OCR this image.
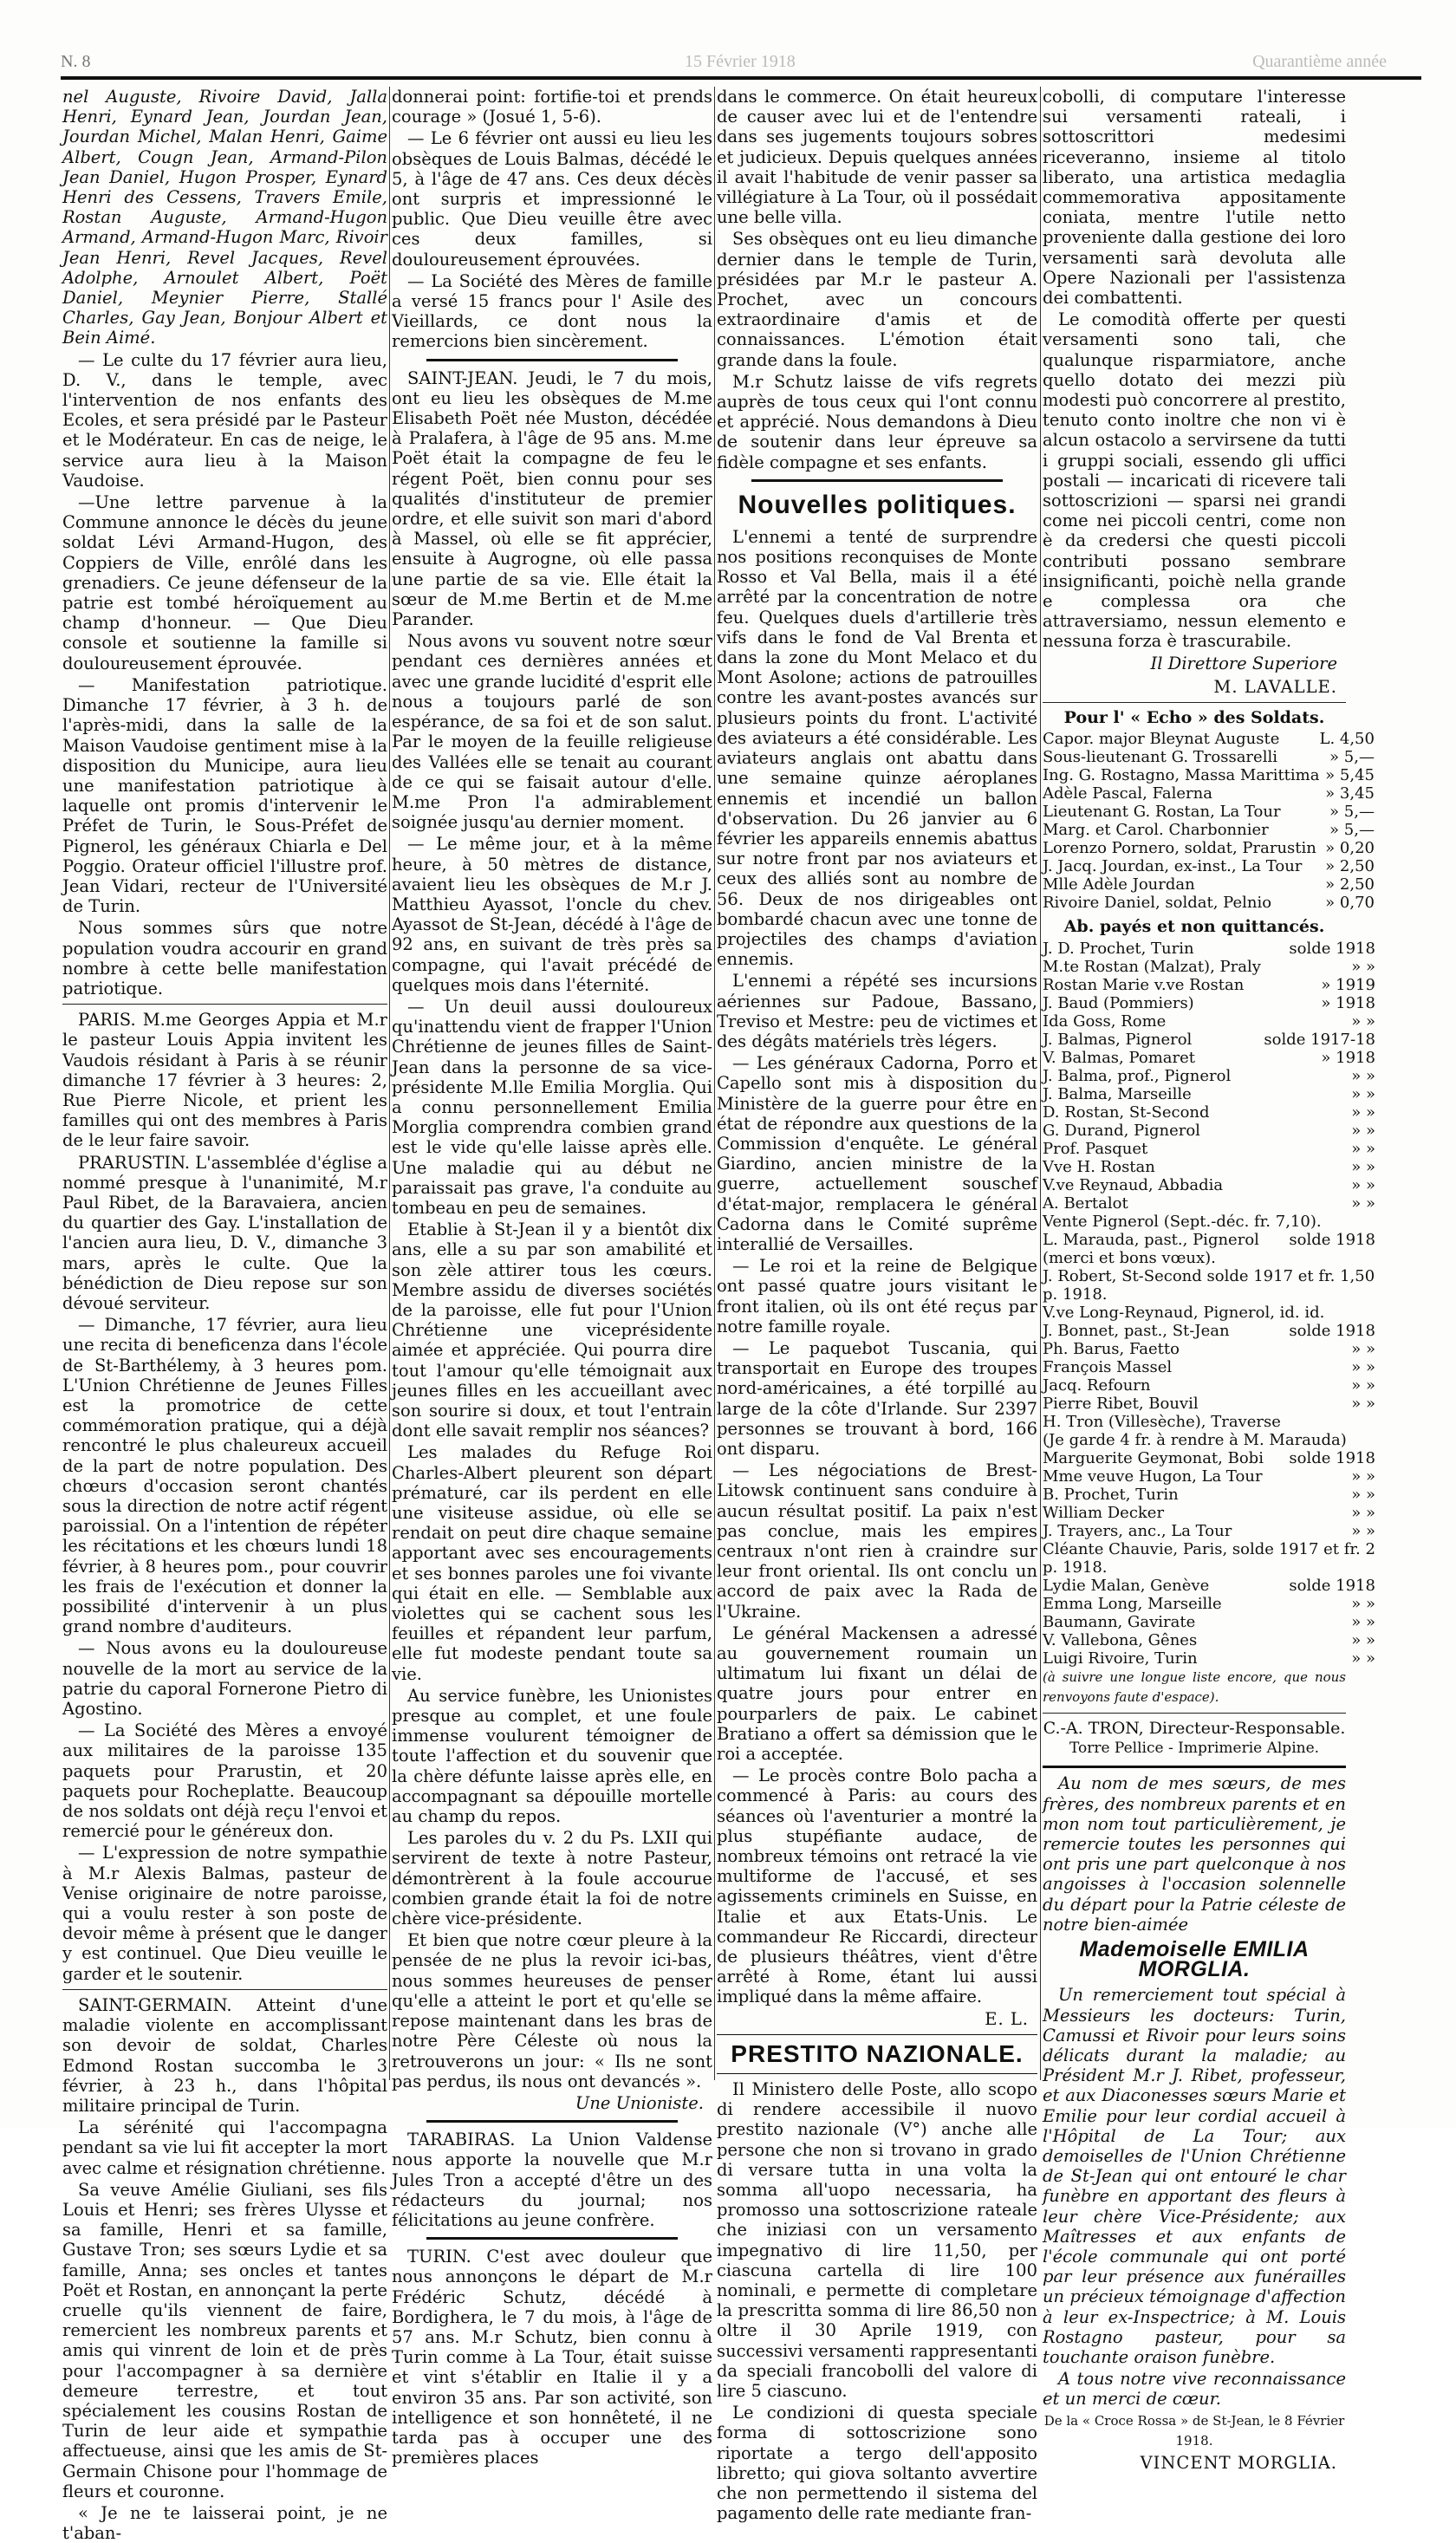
N. 8	15 Février 1918	Quarantième année

nel Auguste, Rivoire David, Jalla Henri, Eynard Jean, Jourdan Jean, Jourdan Michel, Malan Henri, Gaime Albert, Cougn Jean, Armand-Pilon Jean Daniel, Hugon Prosper, Eynard Henri des Cessens, Travers Emile, Rostan Auguste, Armand-Hugon Armand, Armand-Hugon Marc, Rivoir Jean Henri, Revel Jacques, Revel Adolphe, Arnoulet Albert, Poët Daniel, Meynier Pierre, Stallé Charles, Gay Jean, Bonjour Albert et Bein Aimé.

— Le culte du 17 février aura lieu, D. V., dans le temple, avec l'intervention de nos enfants des Ecoles, et sera présidé par le Pasteur et le Modérateur. En cas de neige, le service aura lieu à la Maison Vaudoise.

—Une lettre parvenue à la Commune annonce le décès du jeune soldat Lévi Armand-Hugon, des Coppiers de Ville, enrôlé dans les grenadiers. Ce jeune défenseur de la patrie est tombé héroïquement au champ d'honneur. — Que Dieu console et soutienne la famille si douloureusement éprouvée.

— Manifestation patriotique. Dimanche 17 février, à 3 h. de l'après-midi, dans la salle de la Maison Vaudoise gentiment mise à la disposition du Municipe, aura lieu une manifestation patriotique à laquelle ont promis d'intervenir le Préfet de Turin, le Sous-Préfet de Pignerol, les généraux Chiarla e Del Poggio. Orateur officiel l'illustre prof. Jean Vidari, recteur de l'Université de Turin.

Nous sommes sûrs que notre population voudra accourir en grand nombre à cette belle manifestation patriotique.

PARIS. M.me Georges Appia et M.r le pasteur Louis Appia invitent les Vaudois résidant à Paris à se réunir dimanche 17 février à 3 heures: 2, Rue Pierre Nicole, et prient les familles qui ont des membres à Paris de le leur faire savoir.

PRARUSTIN. L'assemblée d'église a nommé presque à l'unanimité, M.r Paul Ribet, de la Baravaiera, ancien du quartier des Gay. L'installation de l'ancien aura lieu, D. V., dimanche 3 mars, après le culte. Que la bénédiction de Dieu repose sur son dévoué serviteur.

— Dimanche, 17 février, aura lieu une recita di beneficenza dans l'école de St-Barthélemy, à 3 heures pom. L'Union Chrétienne de Jeunes Filles est la promotrice de cette commémoration pratique, qui a déjà rencontré le plus chaleureux accueil de la part de notre population. Des chœurs d'occasion seront chantés sous la direction de notre actif régent paroissial. On a l'intention de répéter les récitations et les chœurs lundi 18 février, à 8 heures pom., pour couvrir les frais de l'exécution et donner la possibilité d'intervenir à un plus grand nombre d'auditeurs.

— Nous avons eu la douloureuse nouvelle de la mort au service de la patrie du caporal Fornerone Pietro di Agostino.

— La Société des Mères a envoyé aux militaires de la paroisse 135 paquets pour Prarustin, et 20 paquets pour Rocheplatte. Beaucoup de nos soldats ont déjà reçu l'envoi et remercié pour le généreux don.

— L'expression de notre sympathie à M.r Alexis Balmas, pasteur de Venise originaire de notre paroisse, qui a voulu rester à son poste de devoir même à présent que le danger y est continuel. Que Dieu veuille le garder et le soutenir.

SAINT-GERMAIN. Atteint d'une maladie violente en accomplissant son devoir de soldat, Charles Edmond Rostan succomba le 3 février, à 23 h., dans l'hôpital militaire principal de Turin.

La sérénité qui l'accompagna pendant sa vie lui fit accepter la mort avec calme et résignation chrétienne.

Sa veuve Amélie Giuliani, ses fils Louis et Henri; ses frères Ulysse et sa famille, Henri et sa famille, Gustave Tron; ses sœurs Lydie et sa famille, Anna; ses oncles et tantes Poët et Rostan, en annonçant la perte cruelle qu'ils viennent de faire, remercient les nombreux parents et amis qui vinrent de loin et de près pour l'accompagner à sa dernière demeure terrestre, et tout spécialement les cousins Rostan de Turin de leur aide et sympathie affectueuse, ainsi que les amis de St-Germain Chisone pour l'hommage de fleurs et couronne.

« Je ne te laisserai point, je ne t'aban-

donnerai point: fortifie-toi et prends courage » (Josué 1, 5-6).

— Le 6 février ont aussi eu lieu les obsèques de Louis Balmas, décédé le 5, à l'âge de 47 ans. Ces deux décès ont surpris et impressionné le public. Que Dieu veuille être avec ces deux familles, si douloureusement éprouvées.

— La Société des Mères de famille a versé 15 francs pour l' Asile des Vieillards, ce dont nous la remercions bien sincèrement.

SAINT-JEAN. Jeudi, le 7 du mois, ont eu lieu les obsèques de M.me Elisabeth Poët née Muston, décédée à Pralafera, à l'âge de 95 ans. M.me Poët était la compagne de feu le régent Poët, bien connu pour ses qualités d'instituteur de premier ordre, et elle suivit son mari d'abord à Massel, où elle se fit apprécier, ensuite à Augrogne, où elle passa une partie de sa vie. Elle était la sœur de M.me Bertin et de M.me Parander.

Nous avons vu souvent notre sœur pendant ces dernières années et avec une grande lucidité d'esprit elle nous a toujours parlé de son espérance, de sa foi et de son salut. Par le moyen de la feuille religieuse des Vallées elle se tenait au courant de ce qui se faisait autour d'elle. M.me Pron l'a admirablement soignée jusqu'au dernier moment.

— Le même jour, et à la même heure, à 50 mètres de distance, avaient lieu les obsèques de M.r J. Matthieu Ayassot, l'oncle du chev. Ayassot de St-Jean, décédé à l'âge de 92 ans, en suivant de très près sa compagne, qui l'avait précédé de quelques mois dans l'éternité.

— Un deuil aussi douloureux qu'inattendu vient de frapper l'Union Chrétienne de jeunes filles de Saint-Jean dans la personne de sa vice-présidente M.lle Emilia Morglia. Qui a connu personnellement Emilia Morglia comprendra combien grand est le vide qu'elle laisse après elle. Une maladie qui au début ne paraissait pas grave, l'a conduite au tombeau en peu de semaines.

Etablie à St-Jean il y a bientôt dix ans, elle a su par son amabilité et son zèle attirer tous les cœurs. Membre assidu de diverses sociétés de la paroisse, elle fut pour l'Union Chrétienne une viceprésidente aimée et appréciée. Qui pourra dire tout l'amour qu'elle témoignait aux jeunes filles en les accueillant avec son sourire si doux, et tout l'entrain dont elle savait remplir nos séances?

Les malades du Refuge Roi Charles-Albert pleurent son départ prématuré, car ils perdent en elle une visiteuse assidue, où elle se rendait on peut dire chaque semaine apportant avec ses encouragements et ses bonnes paroles une foi vivante qui était en elle. — Semblable aux violettes qui se cachent sous les feuilles et répandent leur parfum, elle fut modeste pendant toute sa vie.

Au service funèbre, les Unionistes presque au complet, et une foule immense voulurent témoigner de toute l'affection et du souvenir que la chère défunte laisse après elle, en accompagnant sa dépouille mortelle au champ du repos.

Les paroles du v. 2 du Ps. LXII qui servirent de texte à notre Pasteur, démontrèrent à la foule accourue combien grande était la foi de notre chère vice-présidente.

Et bien que notre cœur pleure à la pensée de ne plus la revoir ici-bas, nous sommes heureuses de penser qu'elle a atteint le port et qu'elle se repose maintenant dans les bras de notre Père Céleste où nous la retrouverons un jour: « Ils ne sont pas perdus, ils nous ont devancés ».

Une Unioniste.

TARABIRAS. La Union Valdense nous apporte la nouvelle que M.r Jules Tron a accepté d'être un des rédacteurs du journal; nos félicitations au jeune confrère.

TURIN. C'est avec douleur que nous annonçons le départ de M.r Frédéric Schutz, décédé à Bordighera, le 7 du mois, à l'âge de 57 ans. M.r Schutz, bien connu à Turin comme à La Tour, était suisse et vint s'établir en Italie il y a environ 35 ans. Par son activité, son intelligence et son honnêteté, il ne tarda pas à occuper une des premières places

dans le commerce. On était heureux de causer avec lui et de l'entendre dans ses jugements toujours sobres et judicieux. Depuis quelques années il avait l'habitude de venir passer sa villégiature à La Tour, où il possédait une belle villa.

Ses obsèques ont eu lieu dimanche dernier dans le temple de Turin, présidées par M.r le pasteur A. Prochet, avec un concours extraordinaire d'amis et de connaissances. L'émotion était grande dans la foule.

M.r Schutz laisse de vifs regrets auprès de tous ceux qui l'ont connu et apprécié. Nous demandons à Dieu de soutenir dans leur épreuve sa fidèle compagne et ses enfants.

Nouvelles politiques.

L'ennemi a tenté de surprendre nos positions reconquises de Monte Rosso et Val Bella, mais il a été arrêté par la concentration de notre feu. Quelques duels d'artillerie très vifs dans le fond de Val Brenta et dans la zone du Mont Melaco et du Mont Asolone; actions de patrouilles contre les avant-postes avancés sur plusieurs points du front. L'activité des aviateurs a été considérable. Les aviateurs anglais ont abattu dans une semaine quinze aéroplanes ennemis et incendié un ballon d'observation. Du 26 janvier au 6 février les appareils ennemis abattus sur notre front par nos aviateurs et ceux des alliés sont au nombre de 56. Deux de nos dirigeables ont bombardé chacun avec une tonne de projectiles des champs d'aviation ennemis.

L'ennemi a répété ses incursions aériennes sur Padoue, Bassano, Treviso et Mestre: peu de victimes et des dégâts matériels très légers.

— Les généraux Cadorna, Porro et Capello sont mis à disposition du Ministère de la guerre pour être en état de répondre aux questions de la Commission d'enquête. Le général Giardino, ancien ministre de la guerre, actuellement souschef d'état-major, remplacera le général Cadorna dans le Comité suprême interallié de Versailles.

— Le roi et la reine de Belgique ont passé quatre jours visitant le front italien, où ils ont été reçus par notre famille royale.

— Le paquebot Tuscania, qui transportait en Europe des troupes nord-américaines, a été torpillé au large de la côte d'Irlande. Sur 2397 personnes se trouvant à bord, 166 ont disparu.

— Les négociations de Brest-Litowsk continuent sans conduire à aucun résultat positif. La paix n'est pas conclue, mais les empires centraux n'ont rien à craindre sur leur front oriental. Ils ont conclu un accord de paix avec la Rada de l'Ukraine.

Le général Mackensen a adressé au gouvernement roumain un ultimatum lui fixant un délai de quatre jours pour entrer en pourparlers de paix. Le cabinet Bratiano a offert sa démission que le roi a acceptée.

— Le procès contre Bolo pacha a commencé à Paris: au cours des séances où l'aventurier a montré la plus stupéfiante audace, de nombreux témoins ont retracé la vie multiforme de l'accusé, et ses agissements criminels en Suisse, en Italie et aux Etats-Unis. Le commandeur Re Riccardi, directeur de plusieurs théâtres, vient d'être arrêté à Rome, étant lui aussi impliqué dans la même affaire.

E. L.
PRESTITO NAZIONALE.

Il Ministero delle Poste, allo scopo di rendere accessibile il nuovo prestito nazionale (V°) anche alle persone che non si trovano in grado di versare tutta in una volta la somma all'uopo necessaria, ha promosso una sottoscrizione rateale che iniziasi con un versamento impegnativo di lire 11,50, per ciascuna cartella di lire 100 nominali, e permette di completare la prescritta somma di lire 86,50 non oltre il 30 Aprile 1919, con successivi versamenti rappresentanti da speciali francobolli del valore di lire 5 ciascuno.

Le condizioni di questa speciale forma di sottoscrizione sono riportate a tergo dell'apposito libretto; qui giova soltanto avvertire che non permettendo il sistema del pagamento delle rate mediante fran-

cobolli, di computare l'interesse sui versamenti rateali, i sottoscrittori medesimi riceveranno, insieme al titolo liberato, una artistica medaglia commemorativa appositamente coniata, mentre l'utile netto proveniente dalla gestione dei loro versamenti sarà devoluta alle Opere Nazionali per l'assistenza dei combattenti.

Le comodità offerte per questi versamenti sono tali, che qualunque risparmiatore, anche quello dotato dei mezzi più modesti può concorrere al prestito, tenuto conto inoltre che non vi è alcun ostacolo a servirsene da tutti i gruppi sociali, essendo gli uffici postali — incaricati di ricevere tali sottoscrizioni — sparsi nei grandi come nei piccoli centri, come non è da credersi che questi piccoli contributi possano sembrare insignificanti, poichè nella grande e complessa ora che attraversiamo, nessun elemento e nessuna forza è trascurabile.

Il Direttore Superiore
M. LAVALLE.
Pour l' « Echo » des Soldats.
Capor. major Bleynat Auguste	L. 4,50
Sous-lieutenant G. Trossarelli	» 5,—
Ing. G. Rostagno, Massa Marittima	» 5,45
Adèle Pascal, Falerna	» 3,45
Lieutenant G. Rostan, La Tour	» 5,—
Marg. et Carol. Charbonnier	» 5,—
Lorenzo Pornero, soldat, Prarustin	» 0,20
J. Jacq. Jourdan, ex-inst., La Tour	» 2,50
Mlle Adèle Jourdan	» 2,50
Rivoire Daniel, soldat, Pelnio	» 0,70
Ab. payés et non quittancés.
J. D. Prochet, Turin	solde 1918
M.te Rostan (Malzat), Praly	» »
Rostan Marie v.ve Rostan	» 1919
J. Baud (Pommiers)	» 1918
Ida Goss, Rome	» »
J. Balmas, Pignerol	solde 1917-18
V. Balmas, Pomaret	» 1918
J. Balma, prof., Pignerol	» »
J. Balma, Marseille	» »
D. Rostan, St-Second	» »
G. Durand, Pignerol	» »
Prof. Pasquet	» »
Vve H. Rostan	» »
V.ve Reynaud, Abbadia	» »
A. Bertalot	» »
Vente Pignerol (Sept.-déc. fr. 7,10).	
L. Marauda, past., Pignerol	solde 1918
(merci et bons vœux).	
J. Robert, St-Second solde 1917 et fr. 1,50	
p. 1918.	
V.ve Long-Reynaud, Pignerol, id. id.	
J. Bonnet, past., St-Jean	solde 1918
Ph. Barus, Faetto	» »
François Massel	» »
Jacq. Refourn	» »
Pierre Ribet, Bouvil	» »
H. Tron (Villesèche), Traverse	
(Je garde 4 fr. à rendre à M. Marauda)	
Marguerite Geymonat, Bobi	solde 1918
Mme veuve Hugon, La Tour	» »
B. Prochet, Turin	» »
William Decker	» »
J. Trayers, anc., La Tour	» »
Cléante Chauvie, Paris, solde 1917 et fr. 2	
p. 1918.	
Lydie Malan, Genève	solde 1918
Emma Long, Marseille	» »
Baumann, Gavirate	» »
V. Vallebona, Gênes	» »
Luigi Rivoire, Turin	» »

(à suivre une longue liste encore, que nous renvoyons faute d'espace).

C.-A. TRON, Directeur-Responsable.
Torre Pellice - Imprimerie Alpine.

Au nom de mes sœurs, de mes frères, des nombreux parents et en mon nom tout particulièrement, je remercie toutes les personnes qui ont pris une part quelconque à nos angoisses à l'occasion solennelle du départ pour la Patrie céleste de notre bien-aimée

Mademoiselle EMILIA MORGLIA.

Un remerciement tout spécial à Messieurs les docteurs: Turin, Camussi et Rivoir pour leurs soins délicats durant la maladie; au Président M.r J. Ribet, professeur, et aux Diaconesses sœurs Marie et Emilie pour leur cordial accueil à l'Hôpital de La Tour; aux demoiselles de l'Union Chrétienne de St-Jean qui ont entouré le char funèbre en apportant des fleurs à leur chère Vice-Présidente; aux Maîtresses et aux enfants de l'école communale qui ont porté par leur présence aux funérailles un précieux témoignage d'affection à leur ex-Inspectrice; à M. Louis Rostagno pasteur, pour sa touchante oraison funèbre.

A tous notre vive reconnaissance et un merci de cœur.

De la « Croce Rossa » de St-Jean, le 8 Février 1918.
VINCENT MORGLIA.
